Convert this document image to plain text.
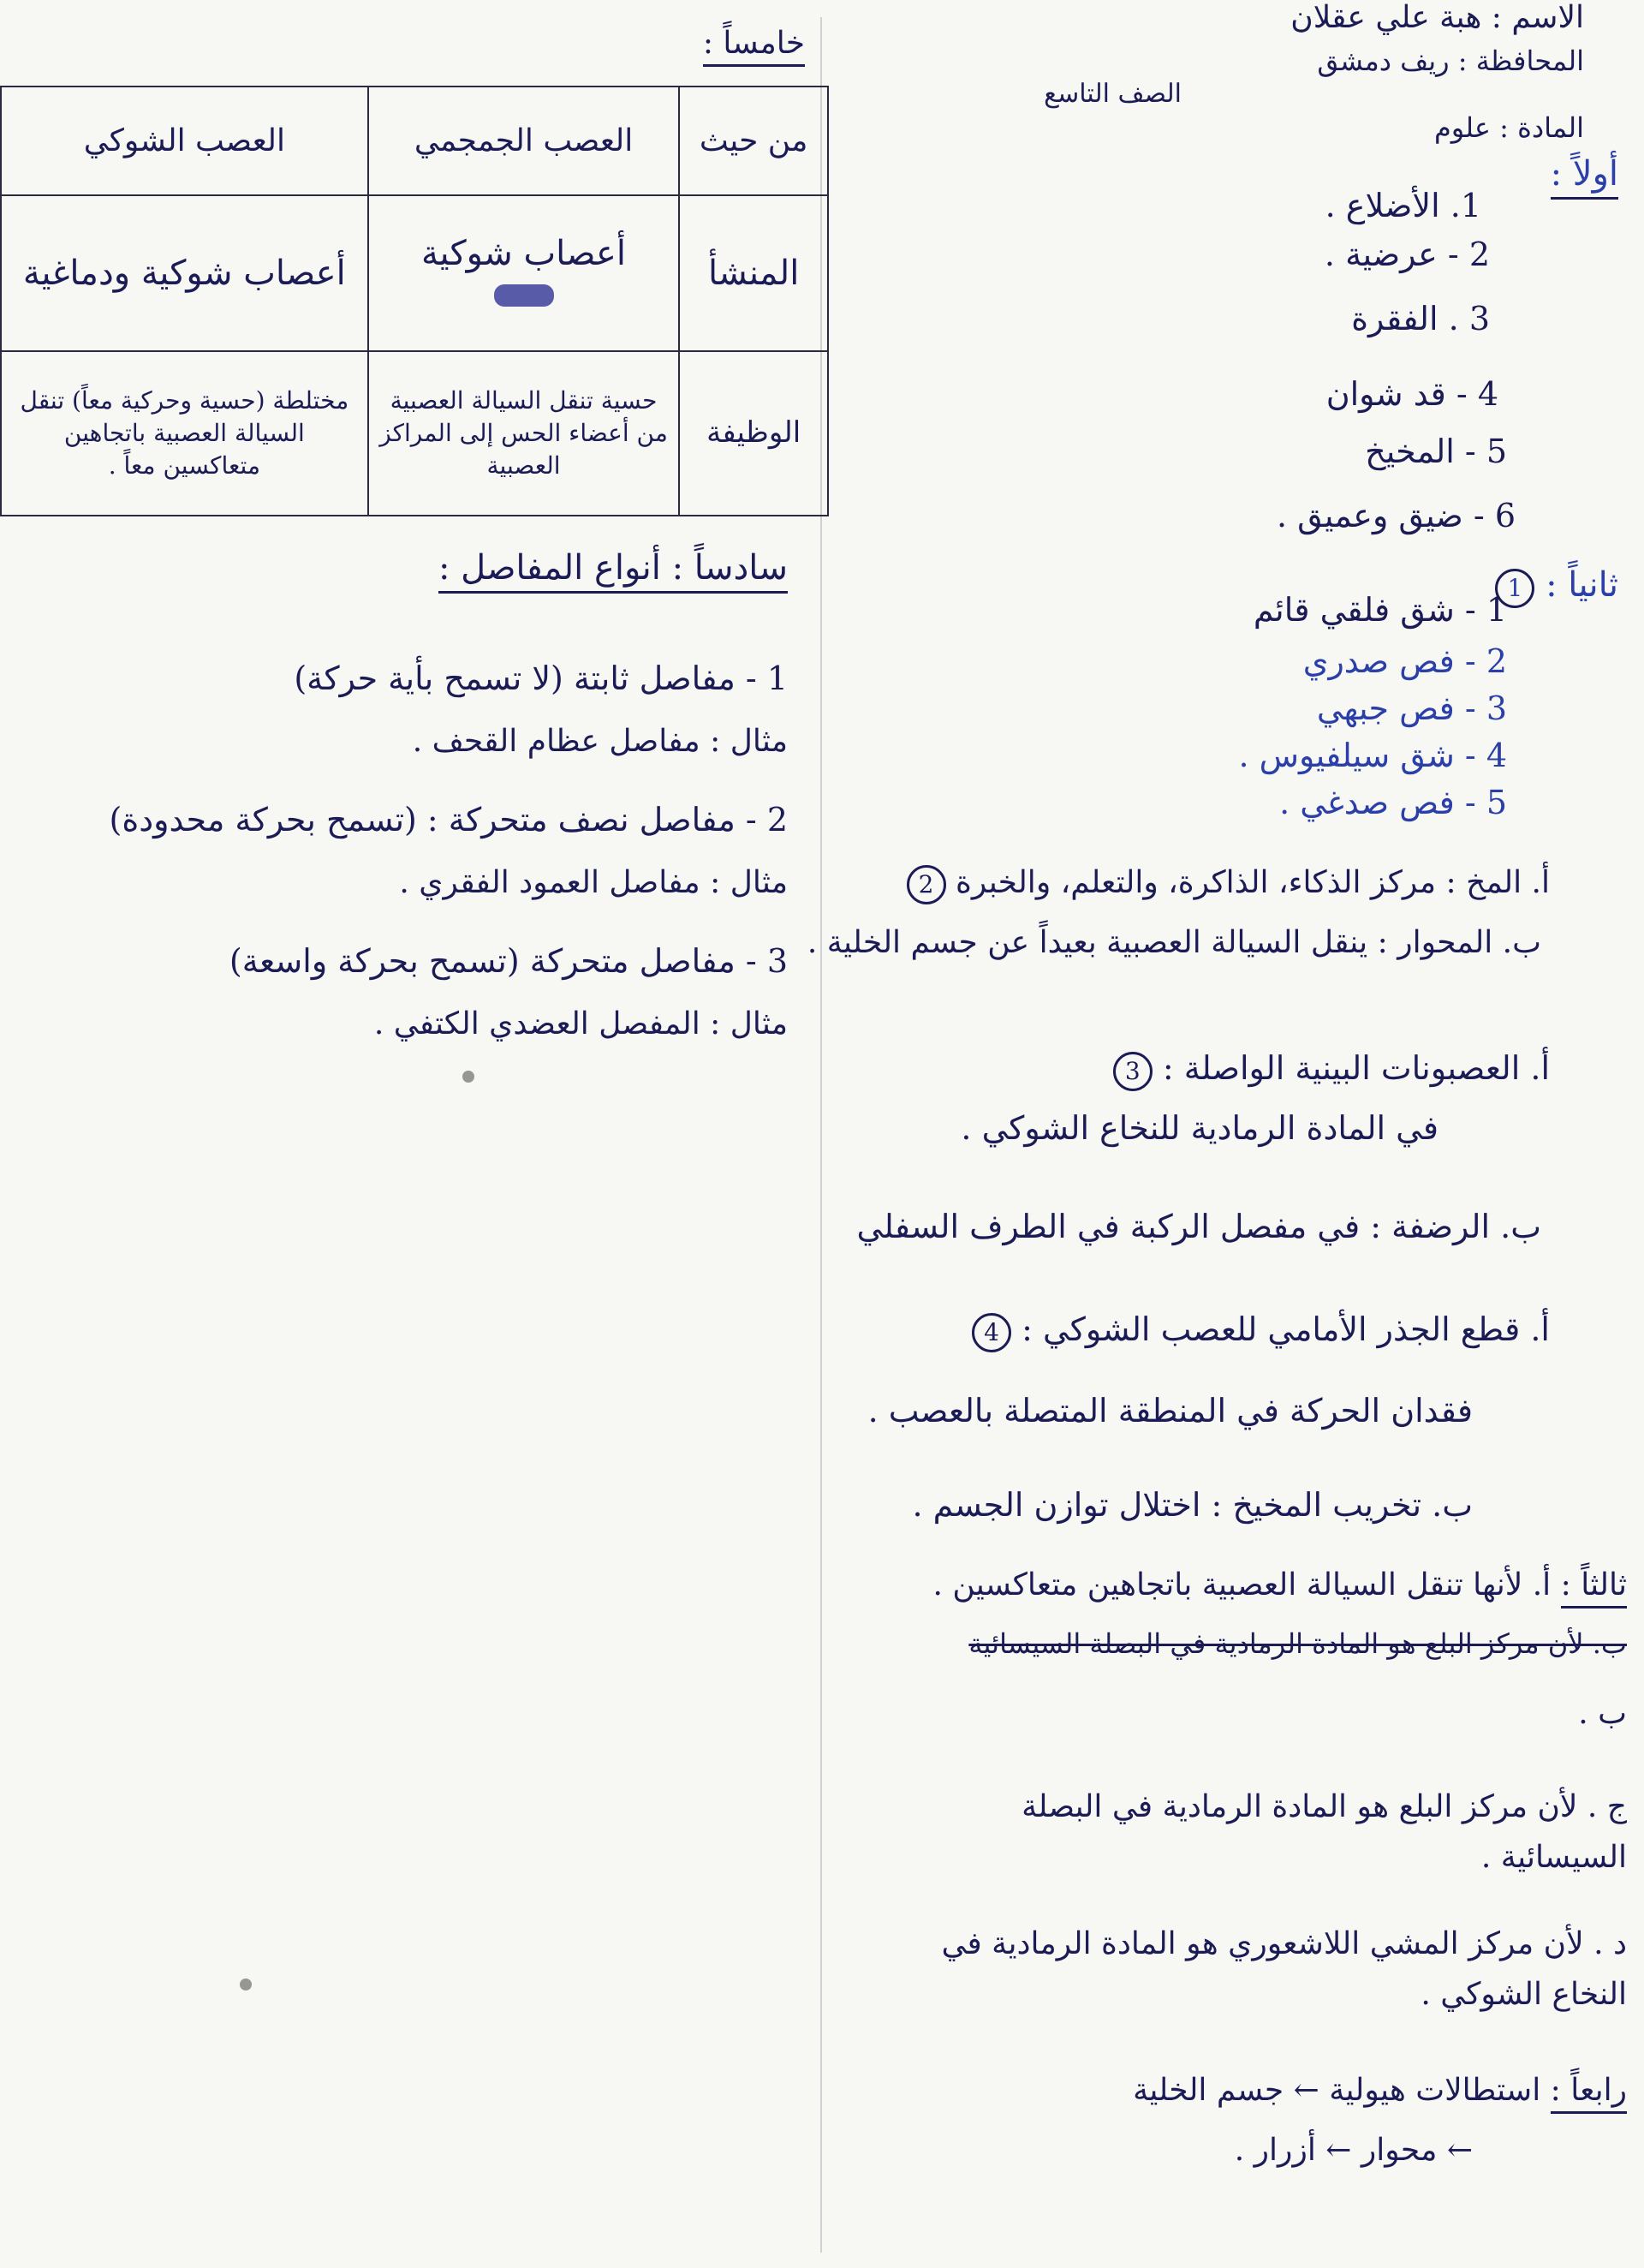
الاسم : هبة علي عقلان
المحافظة : ريف دمشق
الصف التاسع
المادة : علوم
أولاً :
1. الأضلاع .
2 - عرضية .
3 . الفقرة
4 - قد شوان
5 - المخيخ
6 - ضيق وعميق .
ثانياً : 1
1 - شق فلقي قائم
2 - فص صدري
3 - فص جبهي
4 - شق سيلفيوس .
5 - فص صدغي .
أ. المخ : مركز الذكاء، الذاكرة، والتعلم، والخبرة 2
ب. المحوار : ينقل السيالة العصبية بعيداً عن جسم الخلية .
أ. العصبونات البينية الواصلة : 3
في المادة الرمادية للنخاع الشوكي .
ب. الرضفة : في مفصل الركبة في الطرف السفلي
أ. قطع الجذر الأمامي للعصب الشوكي : 4
فقدان الحركة في المنطقة المتصلة بالعصب .
ب. تخريب المخيخ : اختلال توازن الجسم .
ثالثاً : أ. لأنها تنقل السيالة العصبية باتجاهين متعاكسين .
ب. لأن مركز البلع هو المادة الرمادية في البصلة السيسائية
ب .
ج . لأن مركز البلع هو المادة الرمادية في البصلة السيسائية .
د . لأن مركز المشي اللاشعوري هو المادة الرمادية في النخاع الشوكي .
رابعاً : استطالات هيولية ← جسم الخلية
← محوار ← أزرار .
خامساً :
من حيث	العصب الجمجمي	العصب الشوكي
المنشأ	أعصاب شوكية	أعصاب شوكية ودماغية
الوظيفة	حسية تنقل السيالة العصبية من أعضاء الحس إلى المراكز العصبية	مختلطة (حسية وحركية معاً) تنقل السيالة العصبية باتجاهين متعاكسين معاً .
سادساً : أنواع المفاصل :
1 - مفاصل ثابتة (لا تسمح بأية حركة)
مثال : مفاصل عظام القحف .
2 - مفاصل نصف متحركة : (تسمح بحركة محدودة)
مثال : مفاصل العمود الفقري .
3 - مفاصل متحركة (تسمح بحركة واسعة)
مثال : المفصل العضدي الكتفي .
